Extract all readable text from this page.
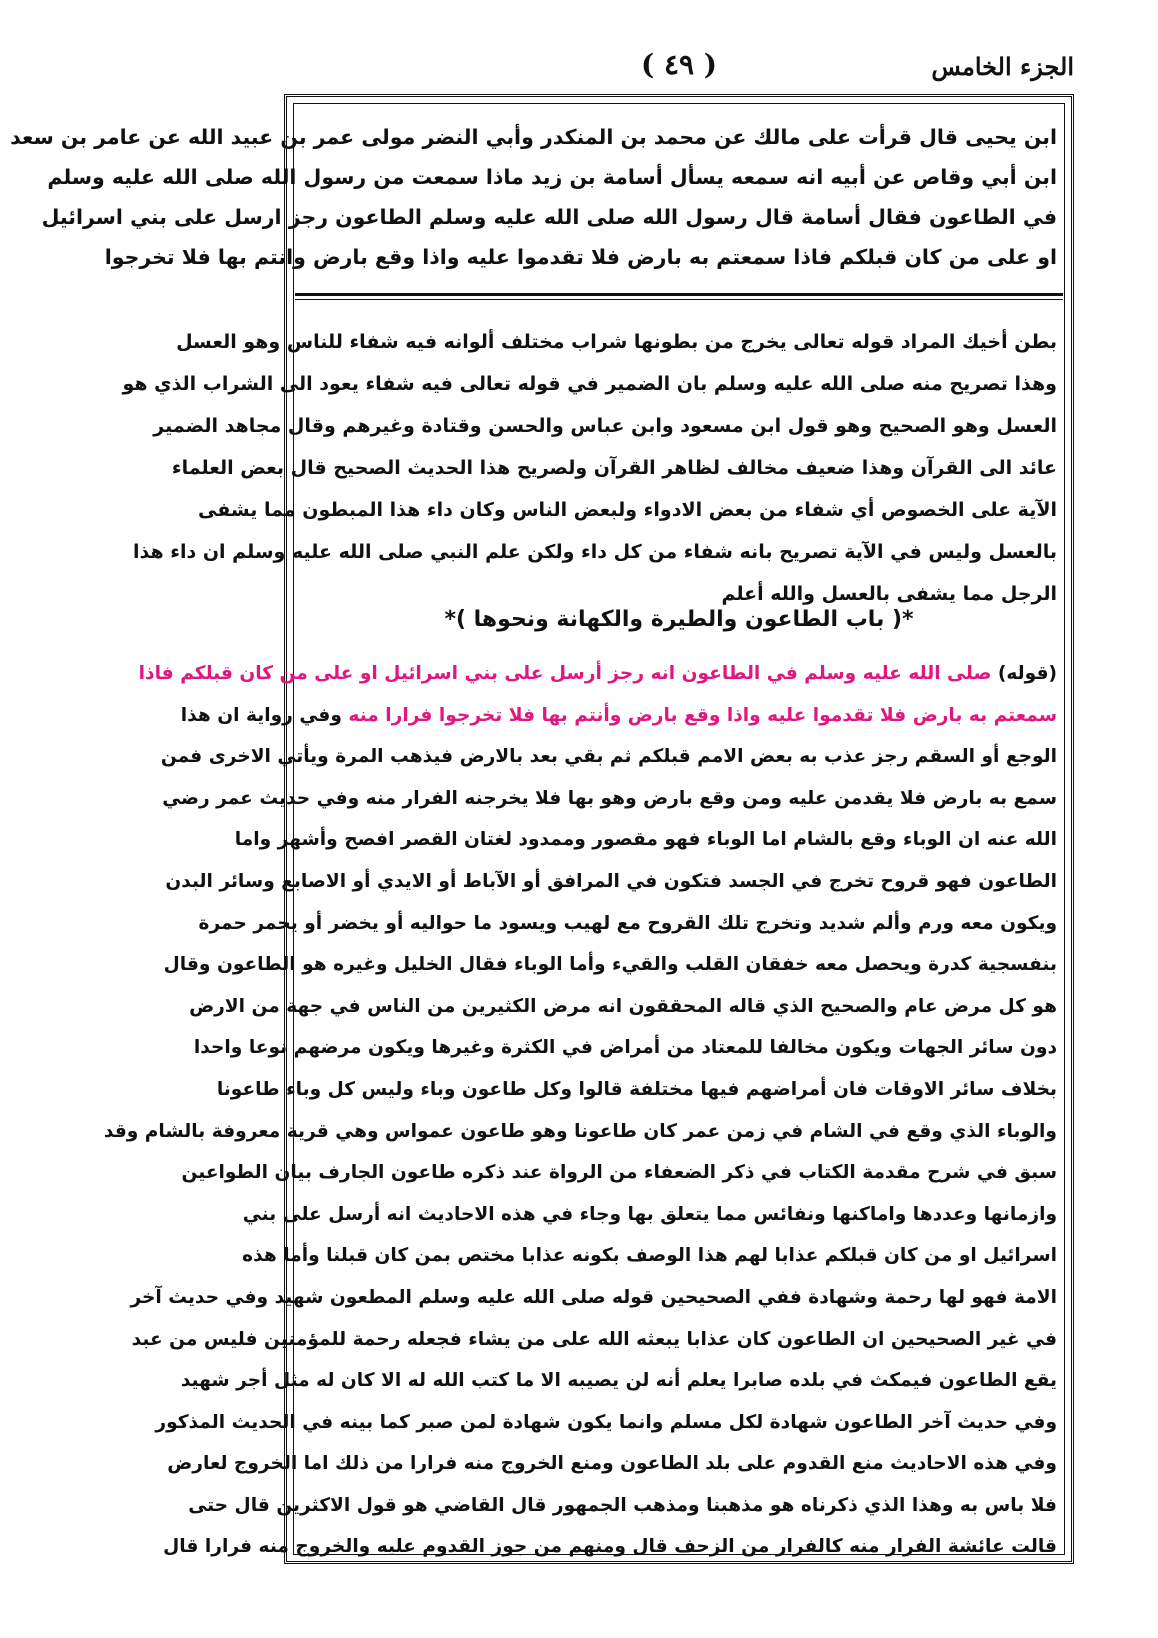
الجزء الخامس
( ٤٩ )
ابن يحيى قال قرأت على مالك عن محمد بن المنكدر وأبي النضر مولى عمر بن عبيد الله عن عامر بن سعد
ابن أبي وقاص عن أبيه انه سمعه يسأل أسامة بن زيد ماذا سمعت من رسول الله صلى الله عليه وسلم
في الطاعون فقال أسامة قال رسول الله صلى الله عليه وسلم الطاعون رجز ارسل على بني اسرائيل
او على من كان قبلكم فاذا سمعتم به بارض فلا تقدموا عليه واذا وقع بارض وانتم بها فلا تخرجوا
بطن أخيك المراد قوله تعالى يخرج من بطونها شراب مختلف ألوانه فيه شفاء للناس وهو العسل
وهذا تصريح منه صلى الله عليه وسلم بان الضمير في قوله تعالى فيه شفاء يعود الى الشراب الذي هو
العسل وهو الصحيح وهو قول ابن مسعود وابن عباس والحسن وقتادة وغيرهم وقال مجاهد الضمير
عائد الى القرآن وهذا ضعيف مخالف لظاهر القرآن ولصريح هذا الحديث الصحيح قال بعض العلماء
الآية على الخصوص أي شفاء من بعض الادواء ولبعض الناس وكان داء هذا المبطون مما يشفى
بالعسل وليس في الآية تصريح بانه شفاء من كل داء ولكن علم النبي صلى الله عليه وسلم ان داء هذا
الرجل مما يشفى بالعسل والله أعلم
*( باب الطاعون والطيرة والكهانة ونحوها )*
(قوله) صلى الله عليه وسلم في الطاعون انه رجز أرسل على بني اسرائيل او على من كان قبلكم فاذا
سمعتم به بارض فلا تقدموا عليه واذا وقع بارض وأنتم بها فلا تخرجوا فرارا منه وفي رواية ان هذا
الوجع أو السقم رجز عذب به بعض الامم قبلكم ثم بقي بعد بالارض فيذهب المرة ويأتي الاخرى فمن
سمع به بارض فلا يقدمن عليه ومن وقع بارض وهو بها فلا يخرجنه الفرار منه وفي حديث عمر رضي
الله عنه ان الوباء وقع بالشام اما الوباء فهو مقصور وممدود لغتان القصر افصح وأشهر واما
الطاعون فهو قروح تخرج في الجسد فتكون في المرافق أو الآباط أو الايدي أو الاصابع وسائر البدن
ويكون معه ورم وألم شديد وتخرج تلك القروح مع لهيب ويسود ما حواليه أو يخضر أو يحمر حمرة
بنفسجية كدرة ويحصل معه خفقان القلب والقيء وأما الوباء فقال الخليل وغيره هو الطاعون وقال
هو كل مرض عام والصحيح الذي قاله المحققون انه مرض الكثيرين من الناس في جهة من الارض
دون سائر الجهات ويكون مخالفا للمعتاد من أمراض في الكثرة وغيرها ويكون مرضهم نوعا واحدا
بخلاف سائر الاوقات فان أمراضهم فيها مختلفة قالوا وكل طاعون وباء وليس كل وباء طاعونا
والوباء الذي وقع في الشام في زمن عمر كان طاعونا وهو طاعون عمواس وهي قرية معروفة بالشام وقد
سبق في شرح مقدمة الكتاب في ذكر الضعفاء من الرواة عند ذكره طاعون الجارف بيان الطواعين
وازمانها وعددها واماكنها ونفائس مما يتعلق بها وجاء في هذه الاحاديث انه أرسل على بني
اسرائيل او من كان قبلكم عذابا لهم هذا الوصف بكونه عذابا مختص بمن كان قبلنا وأما هذه
الامة فهو لها رحمة وشهادة ففي الصحيحين قوله صلى الله عليه وسلم المطعون شهيد وفي حديث آخر
في غير الصحيحين ان الطاعون كان عذابا يبعثه الله على من يشاء فجعله رحمة للمؤمنين فليس من عبد
يقع الطاعون فيمكث في بلده صابرا يعلم أنه لن يصيبه الا ما كتب الله له الا كان له مثل أجر شهيد
وفي حديث آخر الطاعون شهادة لكل مسلم وانما يكون شهادة لمن صبر كما بينه في الحديث المذكور
وفي هذه الاحاديث منع القدوم على بلد الطاعون ومنع الخروج منه فرارا من ذلك اما الخروج لعارض
فلا باس به وهذا الذي ذكرناه هو مذهبنا ومذهب الجمهور قال القاضي هو قول الاكثرين قال حتى
قالت عائشة الفرار منه كالفرار من الزحف قال ومنهم من جوز القدوم عليه والخروج منه فرارا قال
